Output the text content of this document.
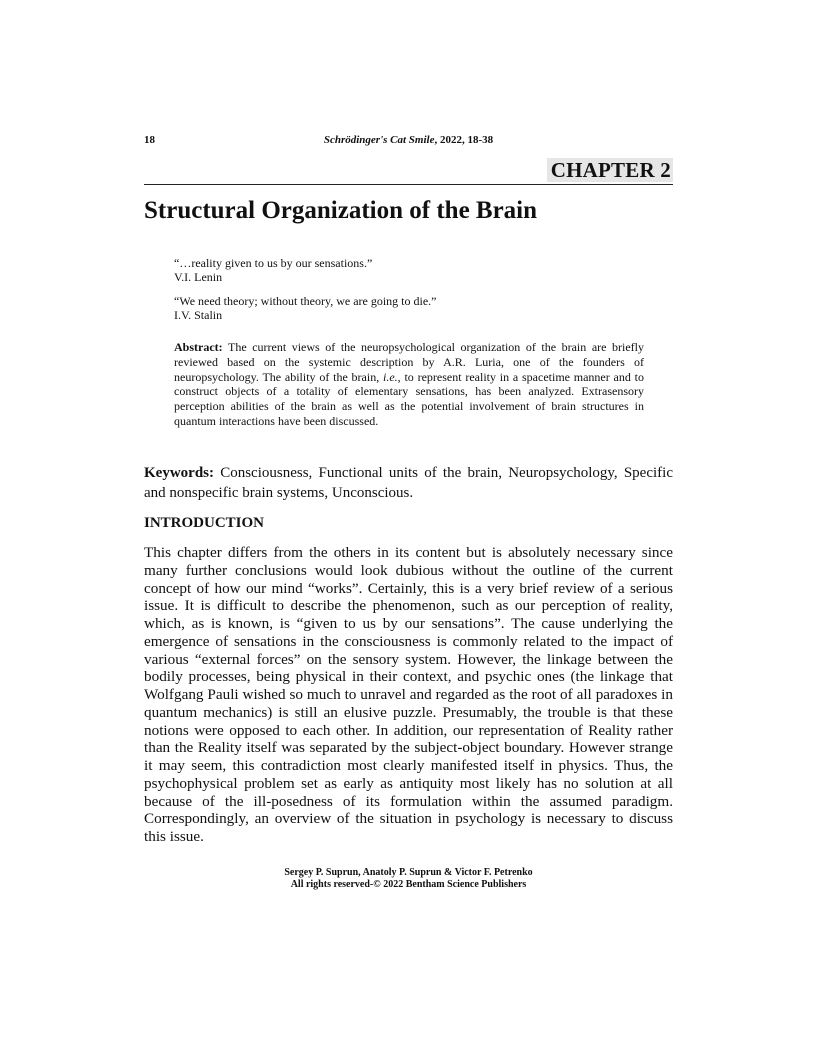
18	Schrödinger's Cat Smile, 2022, 18-38
CHAPTER 2
Structural Organization of the Brain
“…reality given to us by our sensations.”
V.I. Lenin
“We need theory; without theory, we are going to die.”
I.V. Stalin
Abstract: The current views of the neuropsychological organization of the brain are briefly reviewed based on the systemic description by A.R. Luria, one of the founders of neuropsychology. The ability of the brain, i.e., to represent reality in a spacetime manner and to construct objects of a totality of elementary sensations, has been analyzed. Extrasensory perception abilities of the brain as well as the potential involvement of brain structures in quantum interactions have been discussed.
Keywords: Consciousness, Functional units of the brain, Neuropsychology, Specific and nonspecific brain systems, Unconscious.
INTRODUCTION

This chapter differs from the others in its content but is absolutely necessary since many further conclusions would look dubious without the outline of the current concept of how our mind “works”. Certainly, this is a very brief review of a serious issue. It is difficult to describe the phenomenon, such as our perception of reality, which, as is known, is “given to us by our sensations”. The cause underlying the emergence of sensations in the consciousness is commonly related to the impact of various “external forces” on the sensory system. However, the linkage between the bodily processes, being physical in their context, and psychic ones (the linkage that Wolfgang Pauli wished so much to unravel and regarded as the root of all paradoxes in quantum mechanics) is still an elusive puzzle. Presumably, the trouble is that these notions were opposed to each other. In addition, our representation of Reality rather than the Reality itself was separated by the subject-object boundary. However strange it may seem, this contradiction most clearly manifested itself in physics. Thus, the psychophysical problem set as early as antiquity most likely has no solution at all because of the ill-posedness of its formulation within the assumed paradigm. Correspondingly, an overview of the situation in psychology is necessary to discuss this issue.

Sergey P. Suprun, Anatoly P. Suprun & Victor F. Petrenko
All rights reserved-© 2022 Bentham Science Publishers
